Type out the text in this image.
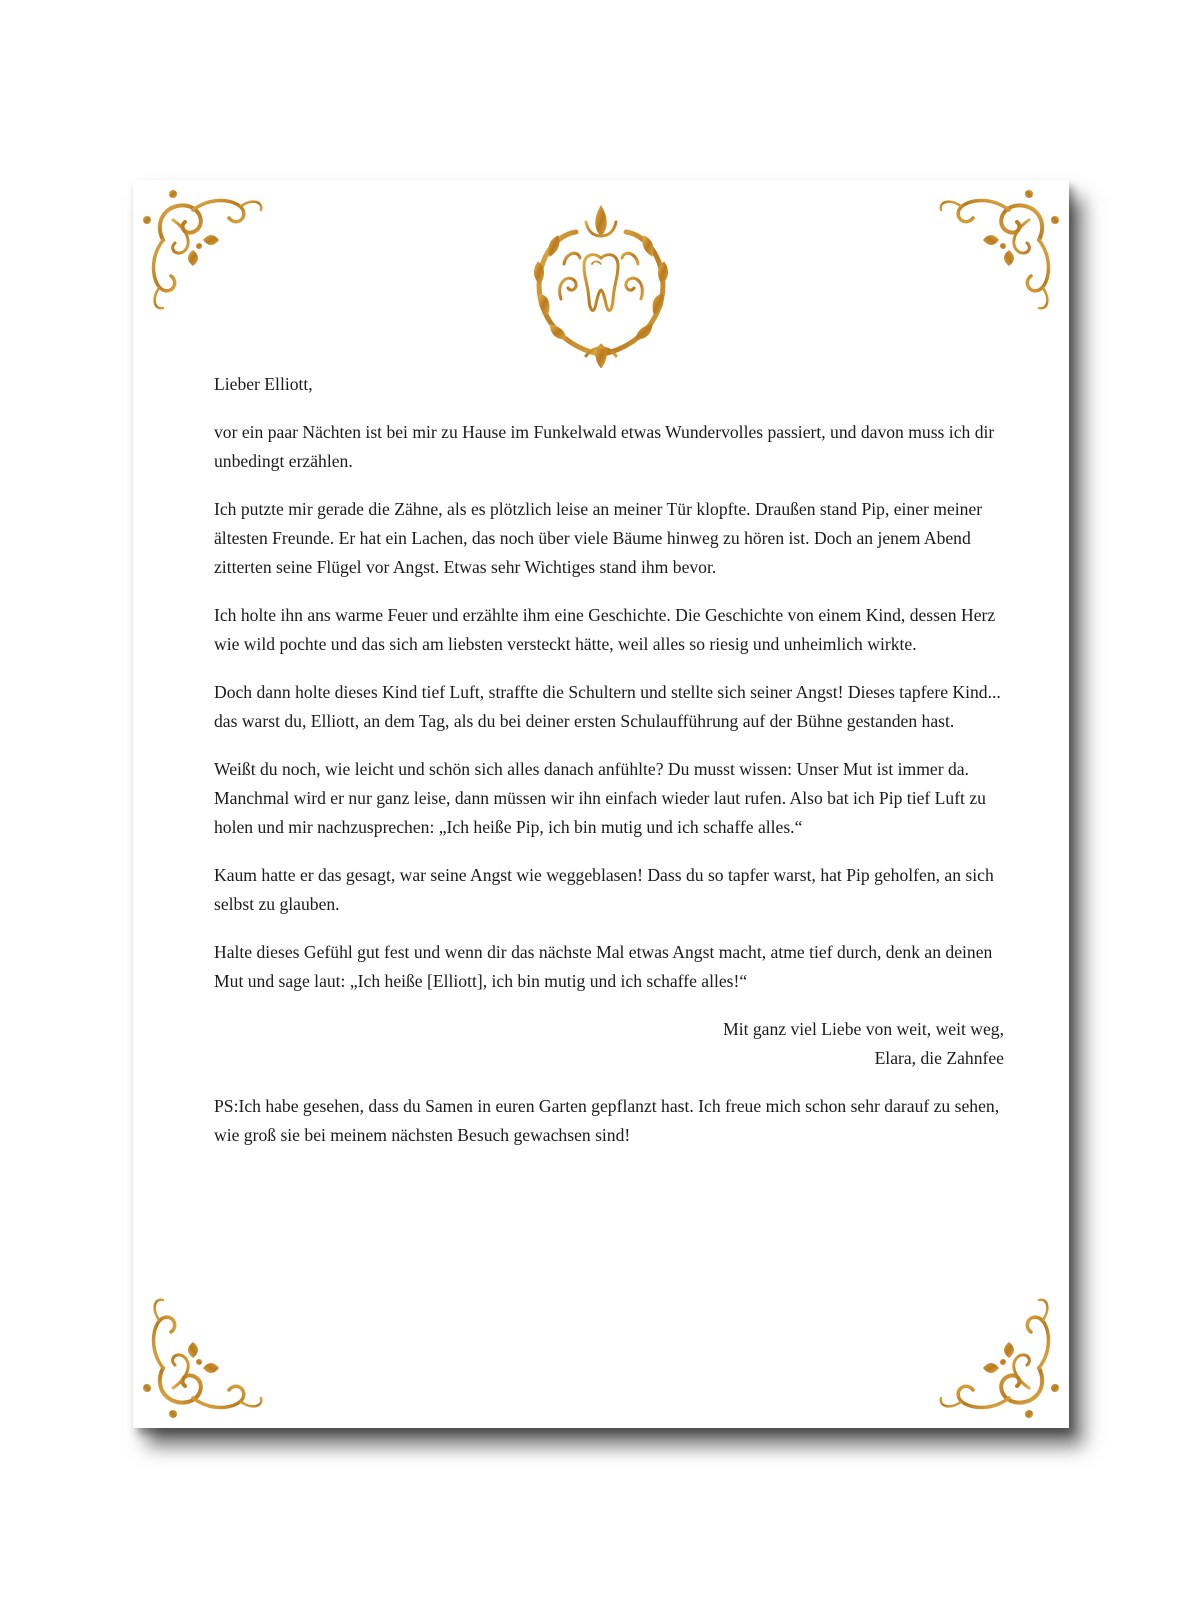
Lieber Elliott,

vor ein paar Nächten ist bei mir zu Hause im Funkelwald etwas Wundervolles passiert, und davon muss ich dir unbedingt erzählen.

Ich putzte mir gerade die Zähne, als es plötzlich leise an meiner Tür klopfte. Draußen stand Pip, einer meiner ältesten Freunde. Er hat ein Lachen, das noch über viele Bäume hinweg zu hören ist. Doch an jenem Abend zitterten seine Flügel vor Angst. Etwas sehr Wichtiges stand ihm bevor.

Ich holte ihn ans warme Feuer und erzählte ihm eine Geschichte. Die Geschichte von einem Kind, dessen Herz wie wild pochte und das sich am liebsten versteckt hätte, weil alles so riesig und unheimlich wirkte.

Doch dann holte dieses Kind tief Luft, straffte die Schultern und stellte sich seiner Angst! Dieses tapfere Kind... das warst du, Elliott, an dem Tag, als du bei deiner ersten Schulaufführung auf der Bühne gestanden hast.

Weißt du noch, wie leicht und schön sich alles danach anfühlte? Du musst wissen: Unser Mut ist immer da. Manchmal wird er nur ganz leise, dann müssen wir ihn einfach wieder laut rufen. Also bat ich Pip tief Luft zu holen und mir nachzusprechen: „Ich heiße Pip, ich bin mutig und ich schaffe alles.“

Kaum hatte er das gesagt, war seine Angst wie weggeblasen! Dass du so tapfer warst, hat Pip geholfen, an sich selbst zu glauben.

Halte dieses Gefühl gut fest und wenn dir das nächste Mal etwas Angst macht, atme tief durch, denk an deinen Mut und sage laut: „Ich heiße [Elliott], ich bin mutig und ich schaffe alles!“

Mit ganz viel Liebe von weit, weit weg,
Elara, die Zahnfee

PS:Ich habe gesehen, dass du Samen in euren Garten gepflanzt hast. Ich freue mich schon sehr darauf zu sehen, wie groß sie bei meinem nächsten Besuch gewachsen sind!
